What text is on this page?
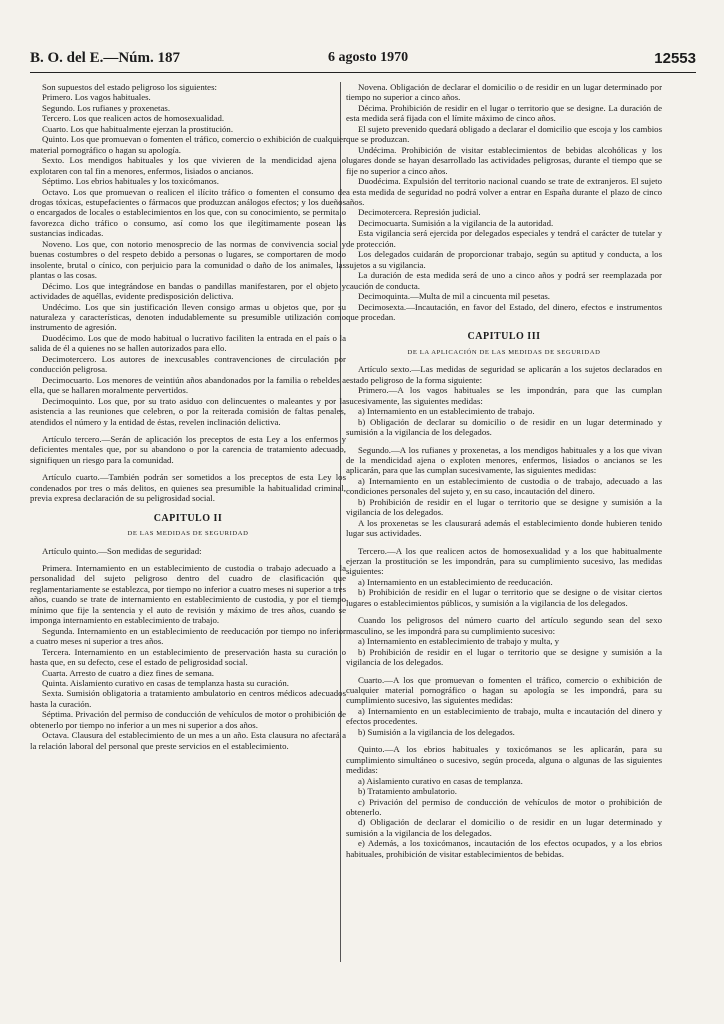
B. O. del E.—Núm. 187	6 agosto 1970	12553

Son supuestos del estado peligroso los siguientes:

Primero. Los vagos habituales.

Segundo. Los rufianes y proxenetas.

Tercero. Los que realicen actos de homosexualidad.

Cuarto. Los que habitualmente ejerzan la prostitución.

Quinto. Los que promuevan o fomenten el tráfico, comercio o exhibición de cualquier material pornográfico o hagan su apología.

Sexto. Los mendigos habituales y los que vivieren de la mendicidad ajena o explotaren con tal fin a menores, enfermos, lisiados o ancianos.

Séptimo. Los ebrios habituales y los toxicómanos.

Octavo. Los que promuevan o realicen el ilícito tráfico o fomenten el consumo de drogas tóxicas, estupefacientes o fármacos que produzcan análogos efectos; y los dueños o encargados de locales o establecimientos en los que, con su conocimiento, se permita o favorezca dicho tráfico o consumo, así como los que ilegítimamente posean las sustancias indicadas.

Noveno. Los que, con notorio menosprecio de las normas de convivencia social y buenas costumbres o del respeto debido a personas o lugares, se comportaren de modo insolente, brutal o cínico, con perjuicio para la comunidad o daño de los animales, las plantas o las cosas.

Décimo. Los que integrándose en bandas o pandillas manifestaren, por el objeto y actividades de aquéllas, evidente predisposición delictiva.

Undécimo. Los que sin justificación lleven consigo armas u objetos que, por su naturaleza y características, denoten indudablemente su presumible utilización como instrumento de agresión.

Duodécimo. Los que de modo habitual o lucrativo faciliten la entrada en el país o la salida de él a quienes no se hallen autorizados para ello.

Decimotercero. Los autores de inexcusables contravenciones de circulación por conducción peligrosa.

Decimocuarto. Los menores de veintiún años abandonados por la familia o rebeldes a ella, que se hallaren moralmente pervertidos.

Decimoquinto. Los que, por su trato asiduo con delincuentes o maleantes y por la asistencia a las reuniones que celebren, o por la reiterada comisión de faltas penales, atendidos el número y la entidad de éstas, revelen inclinación delictiva.

Artículo tercero.—Serán de aplicación los preceptos de esta Ley a los enfermos y deficientes mentales que, por su abandono o por la carencia de tratamiento adecuado, signifiquen un riesgo para la comunidad.

Artículo cuarto.—También podrán ser sometidos a los preceptos de esta Ley los condenados por tres o más delitos, en quienes sea presumible la habitualidad criminal, previa expresa declaración de su peligrosidad social.

CAPITULO II
DE LAS MEDIDAS DE SEGURIDAD

Artículo quinto.—Son medidas de seguridad:

Primera. Internamiento en un establecimiento de custodia o trabajo adecuado a la personalidad del sujeto peligroso dentro del cuadro de clasificación que reglamentariamente se establezca, por tiempo no inferior a cuatro meses ni superior a tres años, cuando se trate de internamiento en establecimiento de custodia, y por el tiempo mínimo que fije la sentencia y el auto de revisión y máximo de tres años, cuando se imponga internamiento en establecimiento de trabajo.

Segunda. Internamiento en un establecimiento de reeducación por tiempo no inferior a cuatro meses ni superior a tres años.

Tercera. Internamiento en un establecimiento de preservación hasta su curación o hasta que, en su defecto, cese el estado de peligrosidad social.

Cuarta. Arresto de cuatro a diez fines de semana.

Quinta. Aislamiento curativo en casas de templanza hasta su curación.

Sexta. Sumisión obligatoria a tratamiento ambulatorio en centros médicos adecuados hasta la curación.

Séptima. Privación del permiso de conducción de vehículos de motor o prohibición de obtenerlo por tiempo no inferior a un mes ni superior a dos años.

Octava. Clausura del establecimiento de un mes a un año. Esta clausura no afectará a la relación laboral del personal que preste servicios en el establecimiento.

Novena. Obligación de declarar el domicilio o de residir en un lugar determinado por tiempo no superior a cinco años.

Décima. Prohibición de residir en el lugar o territorio que se designe. La duración de esta medida será fijada con el límite máximo de cinco años.

El sujeto prevenido quedará obligado a declarar el domicilio que escoja y los cambios que se produzcan.

Undécima. Prohibición de visitar establecimientos de bebidas alcohólicas y los lugares donde se hayan desarrollado las actividades peligrosas, durante el tiempo que se fije no superior a cinco años.

Duodécima. Expulsión del territorio nacional cuando se trate de extranjeros. El sujeto a esta medida de seguridad no podrá volver a entrar en España durante el plazo de cinco años.

Decimotercera. Represión judicial.

Decimocuarta. Sumisión a la vigilancia de la autoridad.

Esta vigilancia será ejercida por delegados especiales y tendrá el carácter de tutelar y de protección.

Los delegados cuidarán de proporcionar trabajo, según su aptitud y conducta, a los sujetos a su vigilancia.

La duración de esta medida será de uno a cinco años y podrá ser reemplazada por caución de conducta.

Decimoquinta.—Multa de mil a cincuenta mil pesetas.

Decimosexta.—Incautación, en favor del Estado, del dinero, efectos e instrumentos que procedan.

CAPITULO III
DE LA APLICACIÓN DE LAS MEDIDAS DE SEGURIDAD

Artículo sexto.—Las medidas de seguridad se aplicarán a los sujetos declarados en estado peligroso de la forma siguiente:

Primero.—A los vagos habituales se les impondrán, para que las cumplan sucesivamente, las siguientes medidas:

a) Internamiento en un establecimiento de trabajo.

b) Obligación de declarar su domicilio o de residir en un lugar determinado y sumisión a la vigilancia de los delegados.

Segundo.—A los rufianes y proxenetas, a los mendigos habituales y a los que vivan de la mendicidad ajena o exploten menores, enfermos, lisiados o ancianos se les aplicarán, para que las cumplan sucesivamente, las siguientes medidas:

a) Internamiento en un establecimiento de custodia o de trabajo, adecuado a las condiciones personales del sujeto y, en su caso, incautación del dinero.

b) Prohibición de residir en el lugar o territorio que se designe y sumisión a la vigilancia de los delegados.

A los proxenetas se les clausurará además el establecimiento donde hubieren tenido lugar sus actividades.

Tercero.—A los que realicen actos de homosexualidad y a los que habitualmente ejerzan la prostitución se les impondrán, para su cumplimiento sucesivo, las medidas siguientes:

a) Internamiento en un establecimiento de reeducación.

b) Prohibición de residir en el lugar o territorio que se designe o de visitar ciertos lugares o establecimientos públicos, y sumisión a la vigilancia de los delegados.

Cuando los peligrosos del número cuarto del artículo segundo sean del sexo masculino, se les impondrá para su cumplimiento sucesivo:

a) Internamiento en establecimiento de trabajo y multa, y

b) Prohibición de residir en el lugar o territorio que se designe y sumisión a la vigilancia de los delegados.

Cuarto.—A los que promuevan o fomenten el tráfico, comercio o exhibición de cualquier material pornográfico o hagan su apología se les impondrá, para su cumplimiento sucesivo, las siguientes medidas:

a) Internamiento en un establecimiento de trabajo, multa e incautación del dinero y efectos procedentes.

b) Sumisión a la vigilancia de los delegados.

Quinto.—A los ebrios habituales y toxicómanos se les aplicarán, para su cumplimiento simultáneo o sucesivo, según proceda, alguna o algunas de las siguientes medidas:

a) Aislamiento curativo en casas de templanza.

b) Tratamiento ambulatorio.

c) Privación del permiso de conducción de vehículos de motor o prohibición de obtenerlo.

d) Obligación de declarar el domicilio o de residir en un lugar determinado y sumisión a la vigilancia de los delegados.

e) Además, a los toxicómanos, incautación de los efectos ocupados, y a los ebrios habituales, prohibición de visitar establecimientos de bebidas.
